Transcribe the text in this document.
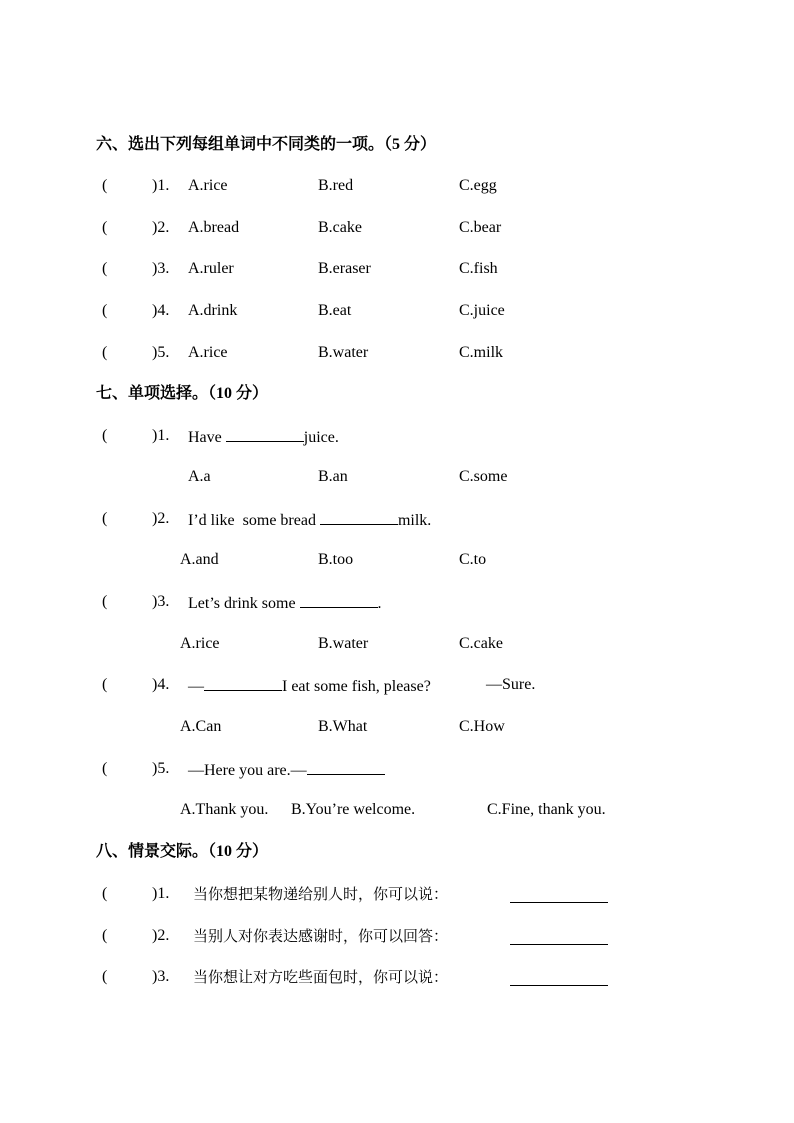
六、选出下列每组单词中不同类的一项。（5 分）
(	)1. A.rice	B.red	C.egg
(	)2. A.bread	B.cake	C.bear
(	)3. A.ruler	B.eraser	C.fish
(	)4. A.drink	B.eat	C.juice
(	)5. A.rice	B.water	C.milk
七、单项选择。（10 分）
(	)1. Have	juice.
A.a	B.an	C.some
(	)2. I’d like  some bread	milk.
A.and	B.too	C.to
(	)3. Let’s drink some	.
A.rice	B.water	C.cake
(	)4. —	I eat some fish, please?	—Sure.
A.Can	B.What	C.How
(	)5. —Here you are.—
A.Thank you. B.You’re welcome.	C.Fine, thank you.
八、情景交际。（10 分）
(	)1. 当你想把某物递给别人时，你可以说：
(	)2. 当别人对你表达感谢时，你可以回答：
(	)3. 当你想让对方吃些面包时，你可以说：
